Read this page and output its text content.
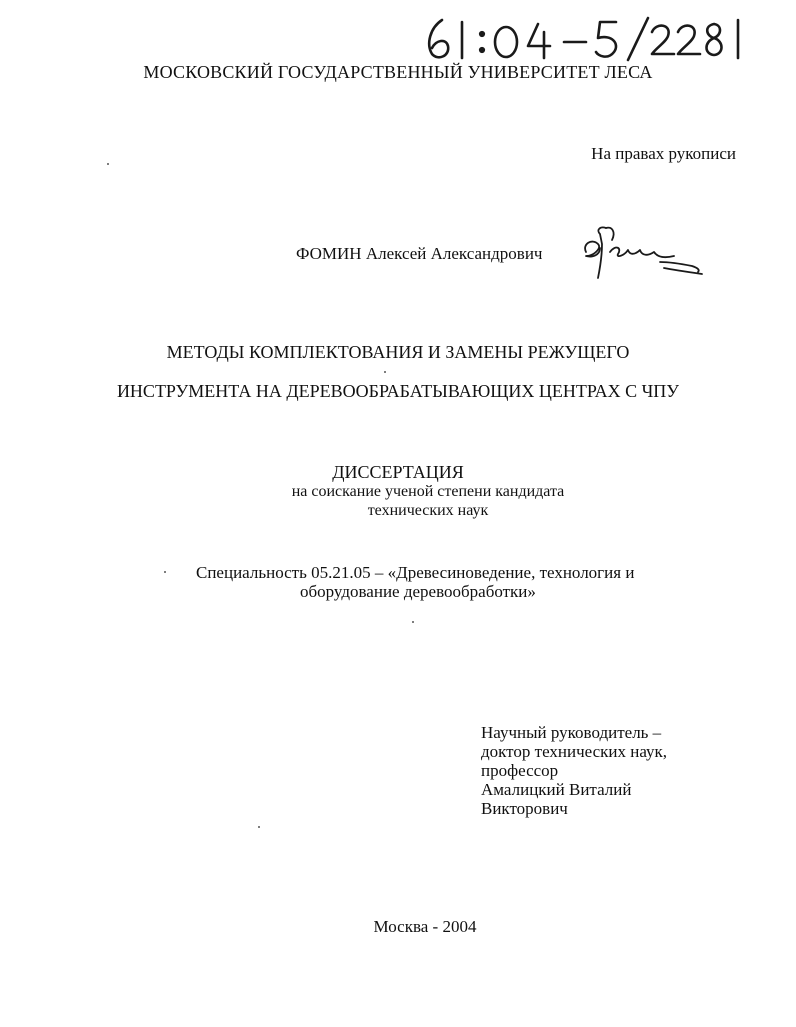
МОСКОВСКИЙ ГОСУДАРСТВЕННЫЙ УНИВЕРСИТЕТ ЛЕСА
На правах рукописи
ФОМИН Алексей Александрович
МЕТОДЫ КОМПЛЕКТОВАНИЯ И ЗАМЕНЫ РЕЖУЩЕГО
ИНСТРУМЕНТА НА ДЕРЕВООБРАБАТЫВАЮЩИХ ЦЕНТРАХ С ЧПУ
ДИССЕРТАЦИЯ
на соискание ученой степени кандидата
технических наук
Специальность 05.21.05 – «Древесиноведение, технология и
оборудование деревообработки»
Научный руководитель –
доктор технических наук,
профессор
Амалицкий Виталий
Викторович
Москва - 2004
